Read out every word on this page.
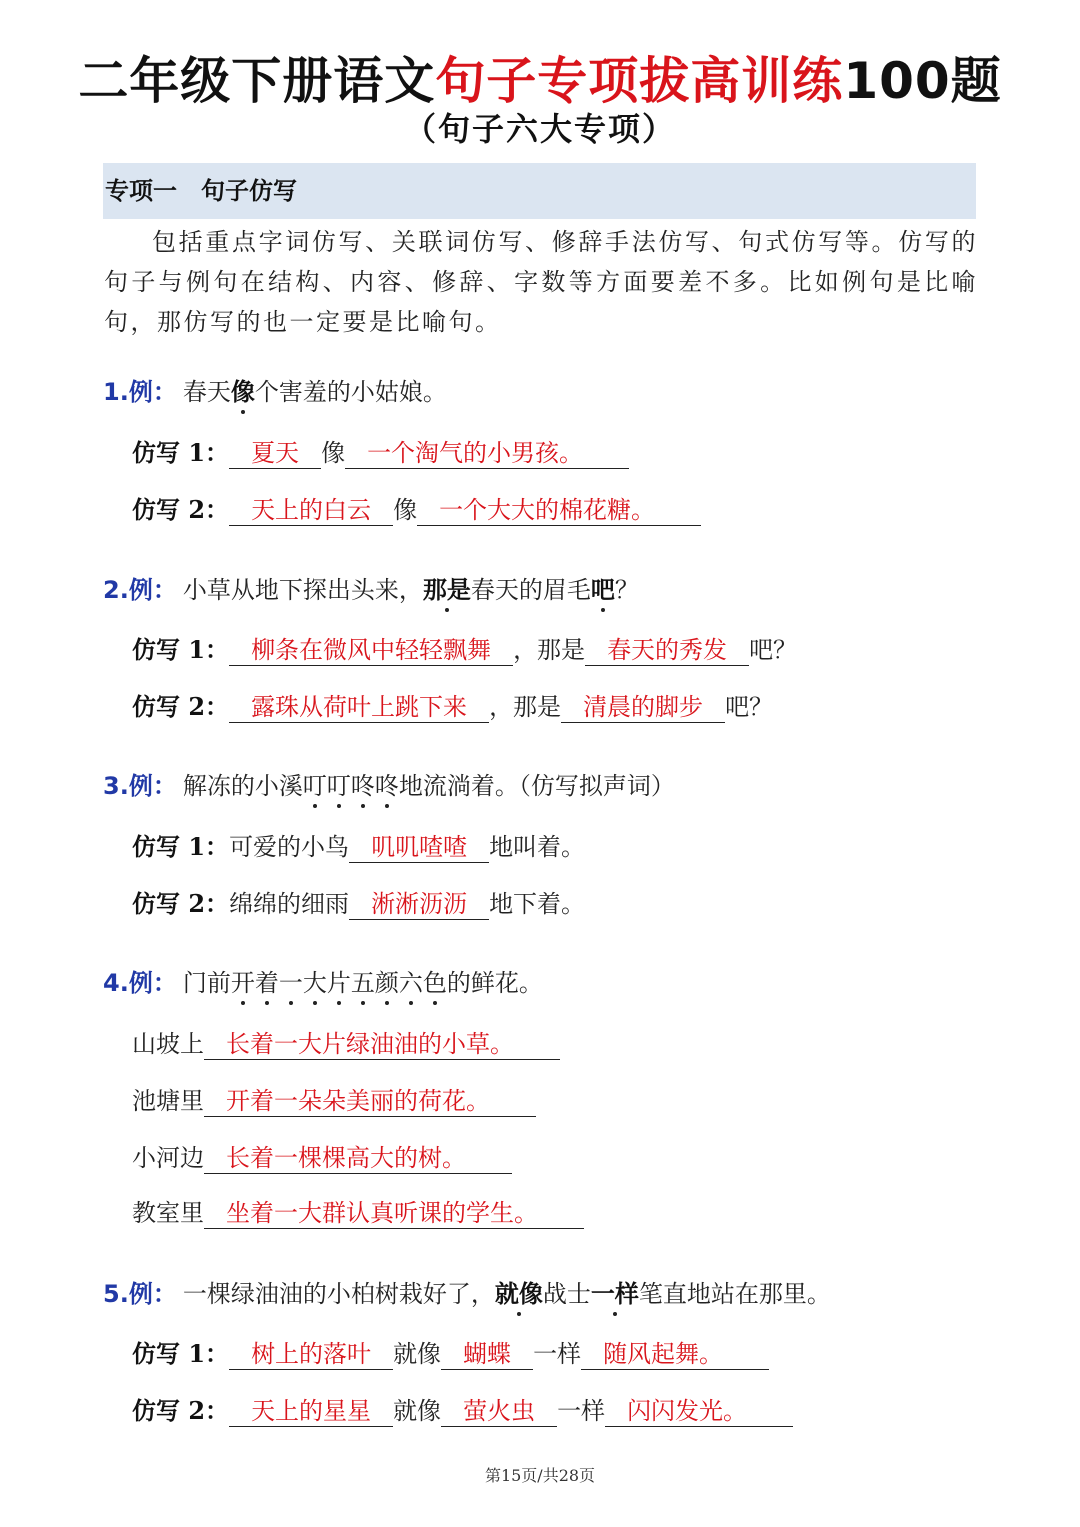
二年级下册语文句子专项拔高训练100题
（句子六大专项）
专项一　句子仿写
包括重点字词仿写、关联词仿写、修辞手法仿写、句式仿写等。仿写的句子与例句在结构、内容、修辞、字数等方面要差不多。比如例句是比喻句，那仿写的也一定要是比喻句。
1.例： 春天像个害羞的小姑娘。
仿写 1： 夏天 像 一个淘气的小男孩。
仿写 2： 天上的白云 像 一个大大的棉花糖。
2.例： 小草从地下探出头来，那是春天的眉毛吧？
仿写 1： 柳条在微风中轻轻飘舞 ，那是 春天的秀发 吧？
仿写 2： 露珠从荷叶上跳下来 ，那是 清晨的脚步 吧？
3.例： 解冻的小溪叮叮咚咚地流淌着。（仿写拟声词）
仿写 1：可爱的小鸟 叽叽喳喳 地叫着。
仿写 2：绵绵的细雨 淅淅沥沥 地下着。
4.例： 门前开着一大片五颜六色的鲜花。
山坡上 长着一大片绿油油的小草。
池塘里 开着一朵朵美丽的荷花。
小河边 长着一棵棵高大的树。
教室里 坐着一大群认真听课的学生。
5.例： 一棵绿油油的小柏树栽好了，就像战士一样笔直地站在那里。
仿写 1： 树上的落叶 就像 蝴蝶 一样 随风起舞。
仿写 2： 天上的星星 就像 萤火虫 一样 闪闪发光。
第15页/共28页
